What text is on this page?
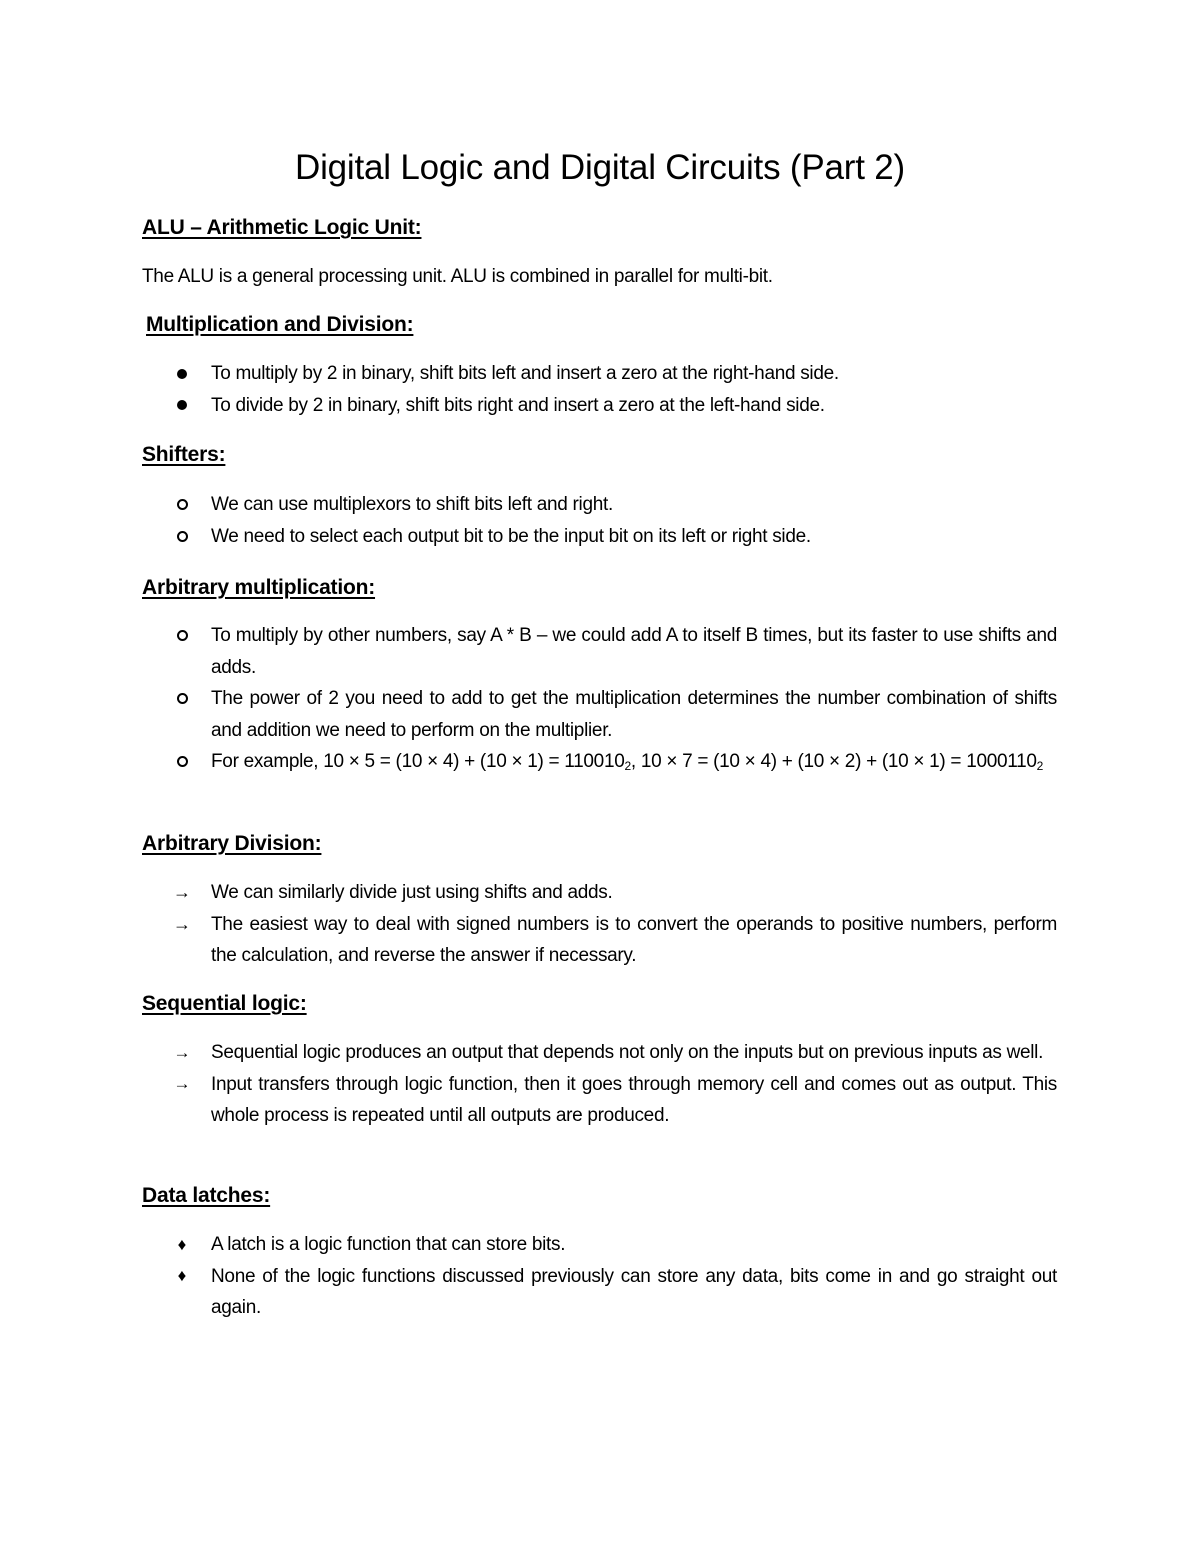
Digital Logic and Digital Circuits (Part 2)
ALU – Arithmetic Logic Unit:
The ALU is a general processing unit. ALU is combined in parallel for multi-bit.
Multiplication and Division:
To multiply by 2 in binary, shift bits left and insert a zero at the right-hand side.
To divide by 2 in binary, shift bits right and insert a zero at the left-hand side.
Shifters:
We can use multiplexors to shift bits left and right.
We need to select each output bit to be the input bit on its left or right side.
Arbitrary multiplication:
To multiply by other numbers, say A * B – we could add A to itself B times, but its faster to use shifts and adds.
The power of 2 you need to add to get the multiplication determines the number combination of shifts and addition we need to perform on the multiplier.
For example, $10 \times 5 = (10 \times 4) + (10 \times 1) = 110010_2$, $10 \times 7 = (10 \times 4) + (10 \times 2) + (10 \times 1) = 1000110_2$
Arbitrary Division:
→ We can similarly divide just using shifts and adds.
→ The easiest way to deal with signed numbers is to convert the operands to positive numbers, perform the calculation, and reverse the answer if necessary.
Sequential logic:
→ Sequential logic produces an output that depends not only on the inputs but on previous inputs as well.
→ Input transfers through logic function, then it goes through memory cell and comes out as output. This whole process is repeated until all outputs are produced.
Data latches:
♦	A latch is a logic function that can store bits.
♦	None of the logic functions discussed previously can store any data, bits come in and go straight out again.
